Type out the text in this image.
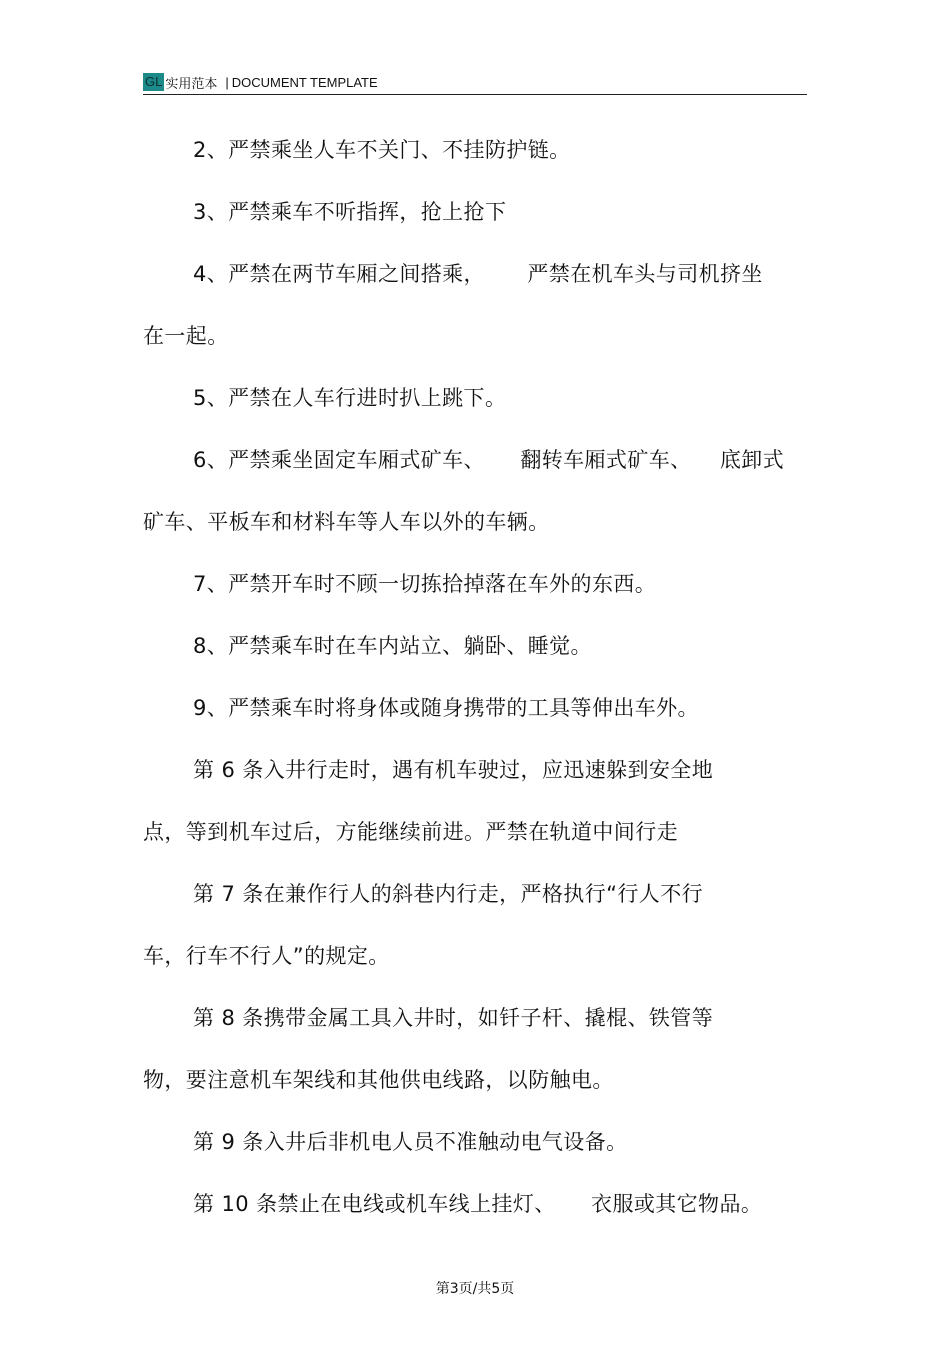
GL 实用范本 | DOCUMENT TEMPLATE
2、严禁乘坐人车不关门、不挂防护链。
3、严禁乘车不听指挥，抢上抢下
4、严禁在两节车厢之间搭乘，      严禁在机车头与司机挤坐
在一起。
5、严禁在人车行进时扒上跳下。
6、严禁乘坐固定车厢式矿车、     翻转车厢式矿车、    底卸式
矿车、平板车和材料车等人车以外的车辆。
7、严禁开车时不顾一切拣拾掉落在车外的东西。
8、严禁乘车时在车内站立、躺卧、睡觉。
9、严禁乘车时将身体或随身携带的工具等伸出车外。
第 6 条入井行走时，遇有机车驶过，应迅速躲到安全地
点，等到机车过后，方能继续前进。严禁在轨道中间行走
第 7 条在兼作行人的斜巷内行走，严格执行“行人不行
车，行车不行人”的规定。
第 8 条携带金属工具入井时，如钎子杆、撬棍、铁管等
物，要注意机车架线和其他供电线路，以防触电。
第 9 条入井后非机电人员不准触动电气设备。
第 10 条禁止在电线或机车线上挂灯、     衣服或其它物品。
第3页/共5页
